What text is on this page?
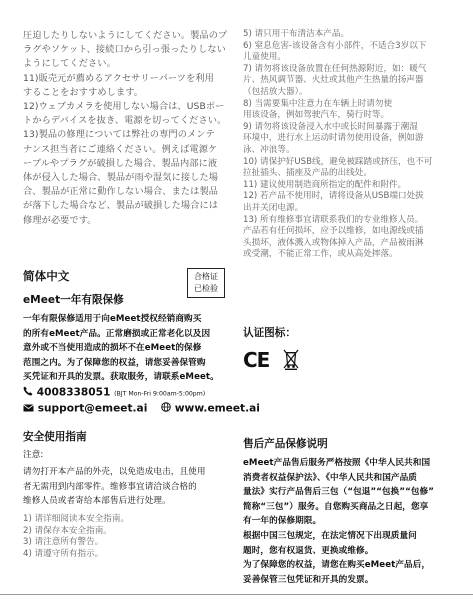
圧迫したりしないようにしてください。製品のプ
ラグやソケット、接続口から引っ張ったりしない
ようにしてください。
11)販売元が薦めるアクセサリーパーツを利用
することをおすすめします。
12)ウェブカメラを使用しない場合は、USBポー
トからデバイスを抜き、電源を切ってください。
13)製品の修理については弊社の専門のメンテ
ナンス担当者にご連絡ください。例えば電源ケ
ーブルやプラグが破損した場合、製品内部に液
体が侵入した場合、製品が雨や湿気に接した場
合、製品が正常に動作しない場合、または製品
が落下した場合など、製品が破損した場合には
修理が必要です。
简体中文	合格证
已检验
eMeet一年有限保修
一年有限保修适用于向eMeet授权经销商购买
的所有eMeet产品。正常磨损或正常老化以及因
意外或不当使用造成的损坏不在eMeet的保修
范围之内。为了保障您的权益，请您妥善保管购
买凭证和开具的发票。获取服务，请联系eMeet。
4008338051 (BJT Mon-Fri 9:00am-5:00pm)
support@emeet.ai	www.emeet.ai
安全使用指南
注意:
请勿打开本产品的外壳，以免造成电击，且使用
者无需用到内部零件。维修事宜请洽谈合格的
维修人员或者寄给本部售后进行处理。
1) 请详细阅读本安全指南。
2) 请保存本安全指南。
3) 请注意所有警告。
4) 请遵守所有指示。
5) 请只用干布清洁本产品。
6) 窒息危害-该设备含有小部件，不适合3岁以下
儿童使用。
7) 请勿将该设备放置在任何热源附近，如：暖气
片、热风调节器、火灶或其他产生热量的扬声器
（包括放大器）。
8) 当需要集中注意力在车辆上时请勿使
用该设备，例如驾驶汽车，骑行时等。
9) 请勿将该设备浸入水中或长时间暴露于潮湿
环境中，进行水上运动时请勿使用设备，例如游
泳、冲浪等。
10) 请保护好USB线，避免被踩踏或挤压，也不可
拉扯插头、插座及产品的出线处。
11) 建议使用制造商所指定的配件和附件。
12) 若产品不使用时，请将设备从USB端口处拔
出并关闭电源。
13) 所有维修事宜请联系我们的专业维修人员。
产品若有任何损坏，应予以维修，如电源线或插
头损坏，液体溅入或物体掉入产品，产品被雨淋
或受潮，不能正常工作，或从高处摔落。
认证图标：
CE
售后产品保修说明
eMeet产品售后服务严格按照《中华人民共和国
消费者权益保护法》、《中华人民共和国产品质
量法》实行产品售后三包（“包退”“包换”“包修”
简称“三包”）服务。自您购买商品之日起，您享
有一年的保修期限。
根据中国三包规定，在法定情况下出现质量问
题时，您有权退货、更换或维修。
为了保障您的权益，请您在购买eMeet产品后，
妥善保管三包凭证和开具的发票。
